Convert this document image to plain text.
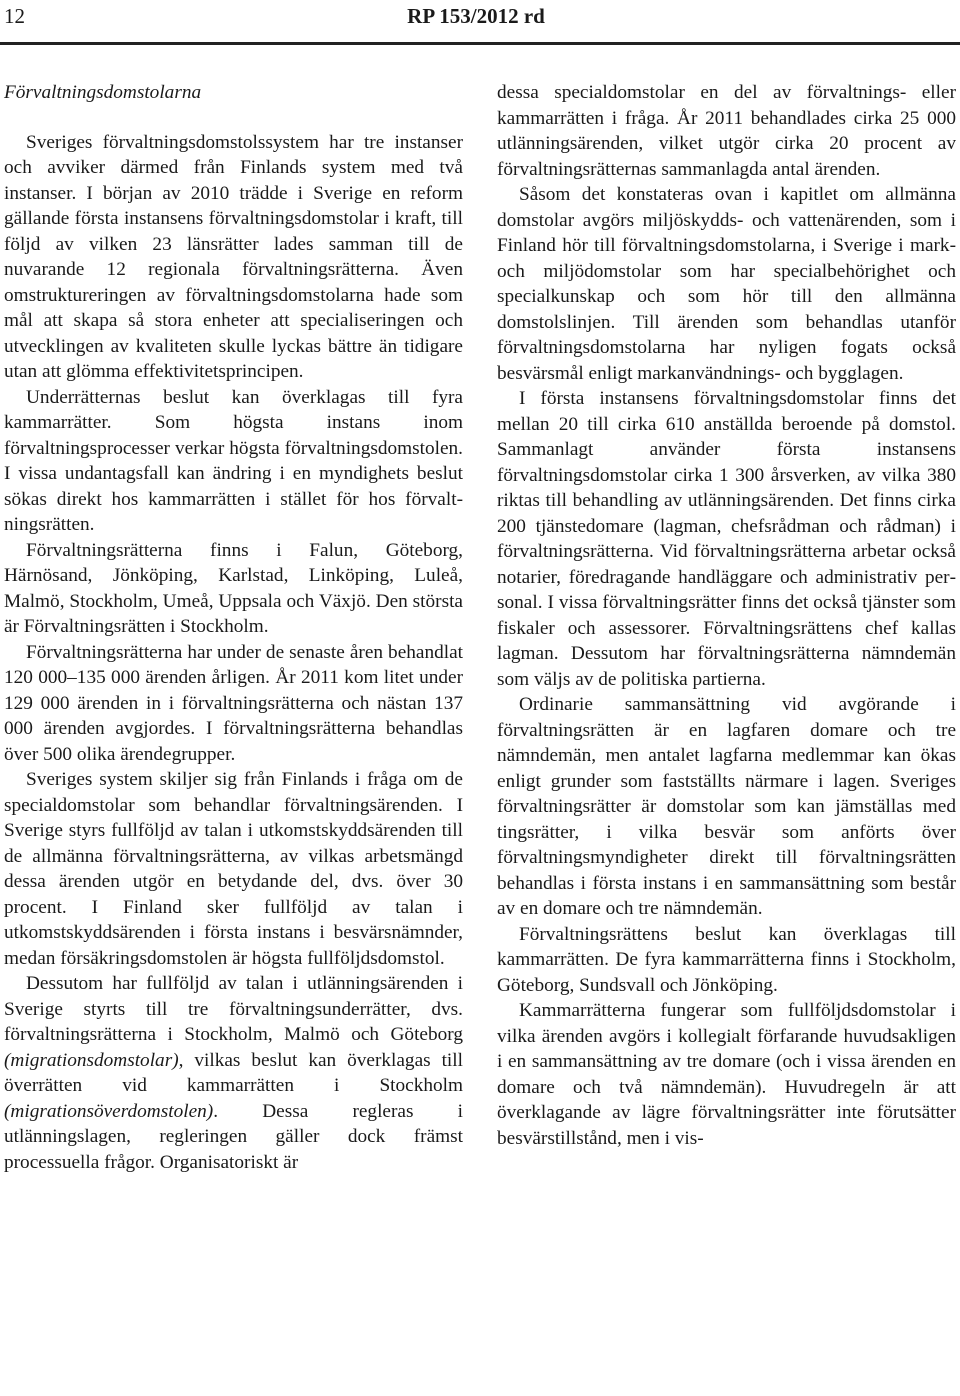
12	RP 153/2012 rd
Förvaltningsdomstolarna

Sveriges förvaltningsdomstolssystem har tre instanser och avviker därmed från Finlands system med två instanser. I början av 2010 trädde i Sverige en reform gällande första instansens förvaltningsdomstolar i kraft, till följd av vilken 23 länsrätter lades samman till de nuvarande 12 regionala förvaltningsrätterna. Även omstruktureringen av förvaltningsdomstolarna hade som mål att skapa så stora enheter att specialiseringen och utvecklingen av kvaliteten skulle lyckas bättre än tidigare utan att glömma effektivitetsprincipen.

Underrätternas beslut kan överklagas till fyra kammarrätter. Som högsta instans inom förvaltningsprocesser verkar högsta förvaltningsdomstolen. I vissa undantagsfall kan ändring i en myndighets beslut sökas direkt hos kammarrätten i stället för hos förvaltningsrätten.

Förvaltningsrätterna finns i Falun, Göteborg, Härnösand, Jönköping, Karlstad, Linköping, Luleå, Malmö, Stockholm, Umeå, Uppsala och Växjö. Den största är Förvaltningsrätten i Stockholm.

Förvaltningsrätterna har under de senaste åren behandlat 120 000–135 000 ärenden årligen. År 2011 kom litet under 129 000 ärenden in i förvaltningsrätterna och nästan 137 000 ärenden avgjordes. I förvaltningsrätterna behandlas över 500 olika ärendegrupper.

Sveriges system skiljer sig från Finlands i fråga om de specialdomstolar som behandlar förvaltningsärenden. I Sverige styrs fullföljd av talan i utkomstskyddsärenden till de allmänna förvaltningsrätterna, av vilkas arbetsmängd dessa ärenden utgör en betydande del, dvs. över 30 procent. I Finland sker fullföljd av talan i utkomstskyddsärenden i första instans i besvärsnämnder, medan försäkringsdomstolen är högsta fullföljdsdomstol.

Dessutom har fullföljd av talan i utlänningsärenden i Sverige styrts till tre förvaltningsunderrätter, dvs. förvaltningsrätterna i Stockholm, Malmö och Göteborg (migrationsdomstolar), vilkas beslut kan överklagas till överrätten vid kammarrätten i Stockholm (migrationsöverdomstolen). Dessa regleras i utlänningslagen, regleringen gäller dock främst processuella frågor. Organisatoriskt är

dessa specialdomstolar en del av förvaltnings- eller kammarrätten i fråga. År 2011 behandlades cirka 25 000 utlänningsärenden, vilket utgör cirka 20 procent av förvaltningsrätternas sammanlagda antal ärenden.

Såsom det konstateras ovan i kapitlet om allmänna domstolar avgörs miljöskydds- och vattenärenden, som i Finland hör till förvaltningsdomstolarna, i Sverige i mark- och miljödomstolar som har specialbehörighet och specialkunskap och som hör till den allmänna domstolslinjen. Till ärenden som behandlas utanför förvaltningsdomstolarna har nyligen fogats också besvärsmål enligt markanvändnings- och bygglagen.

I första instansens förvaltningsdomstolar finns det mellan 20 till cirka 610 anställda beroende på domstol. Sammanlagt använder första instansens förvaltningsdomstolar cirka 1 300 årsverken, av vilka 380 riktas till behandling av utlänningsärenden. Det finns cirka 200 tjänstedomare (lagman, chefsrådman och rådman) i förvaltningsrätterna. Vid förvaltningsrätterna arbetar också notarier, föredragande handläggare och administrativ personal. I vissa förvaltningsrätter finns det också tjänster som fiskaler och assessorer. Förvaltningsrättens chef kallas lagman. Dessutom har förvaltningsrätterna nämndemän som väljs av de politiska partierna.

Ordinarie sammansättning vid avgörande i förvaltningsrätten är en lagfaren domare och tre nämndemän, men antalet lagfarna medlemmar kan ökas enligt grunder som fastställts närmare i lagen. Sveriges förvaltningsrätter är domstolar som kan jämställas med tingsrätter, i vilka besvär som anförts över förvaltningsmyndigheter direkt till förvaltningsrätten behandlas i första instans i en sammansättning som består av en domare och tre nämndemän.

Förvaltningsrättens beslut kan överklagas till kammarrätten. De fyra kammarrätterna finns i Stockholm, Göteborg, Sundsvall och Jönköping.

Kammarrätterna fungerar som fullföljdsdomstolar i vilka ärenden avgörs i kollegialt förfarande huvudsakligen i en sammansättning av tre domare (och i vissa ärenden en domare och två nämndemän). Huvudregeln är att överklagande av lägre förvaltningsrätter inte förutsätter besvärstillstånd, men i vis-
